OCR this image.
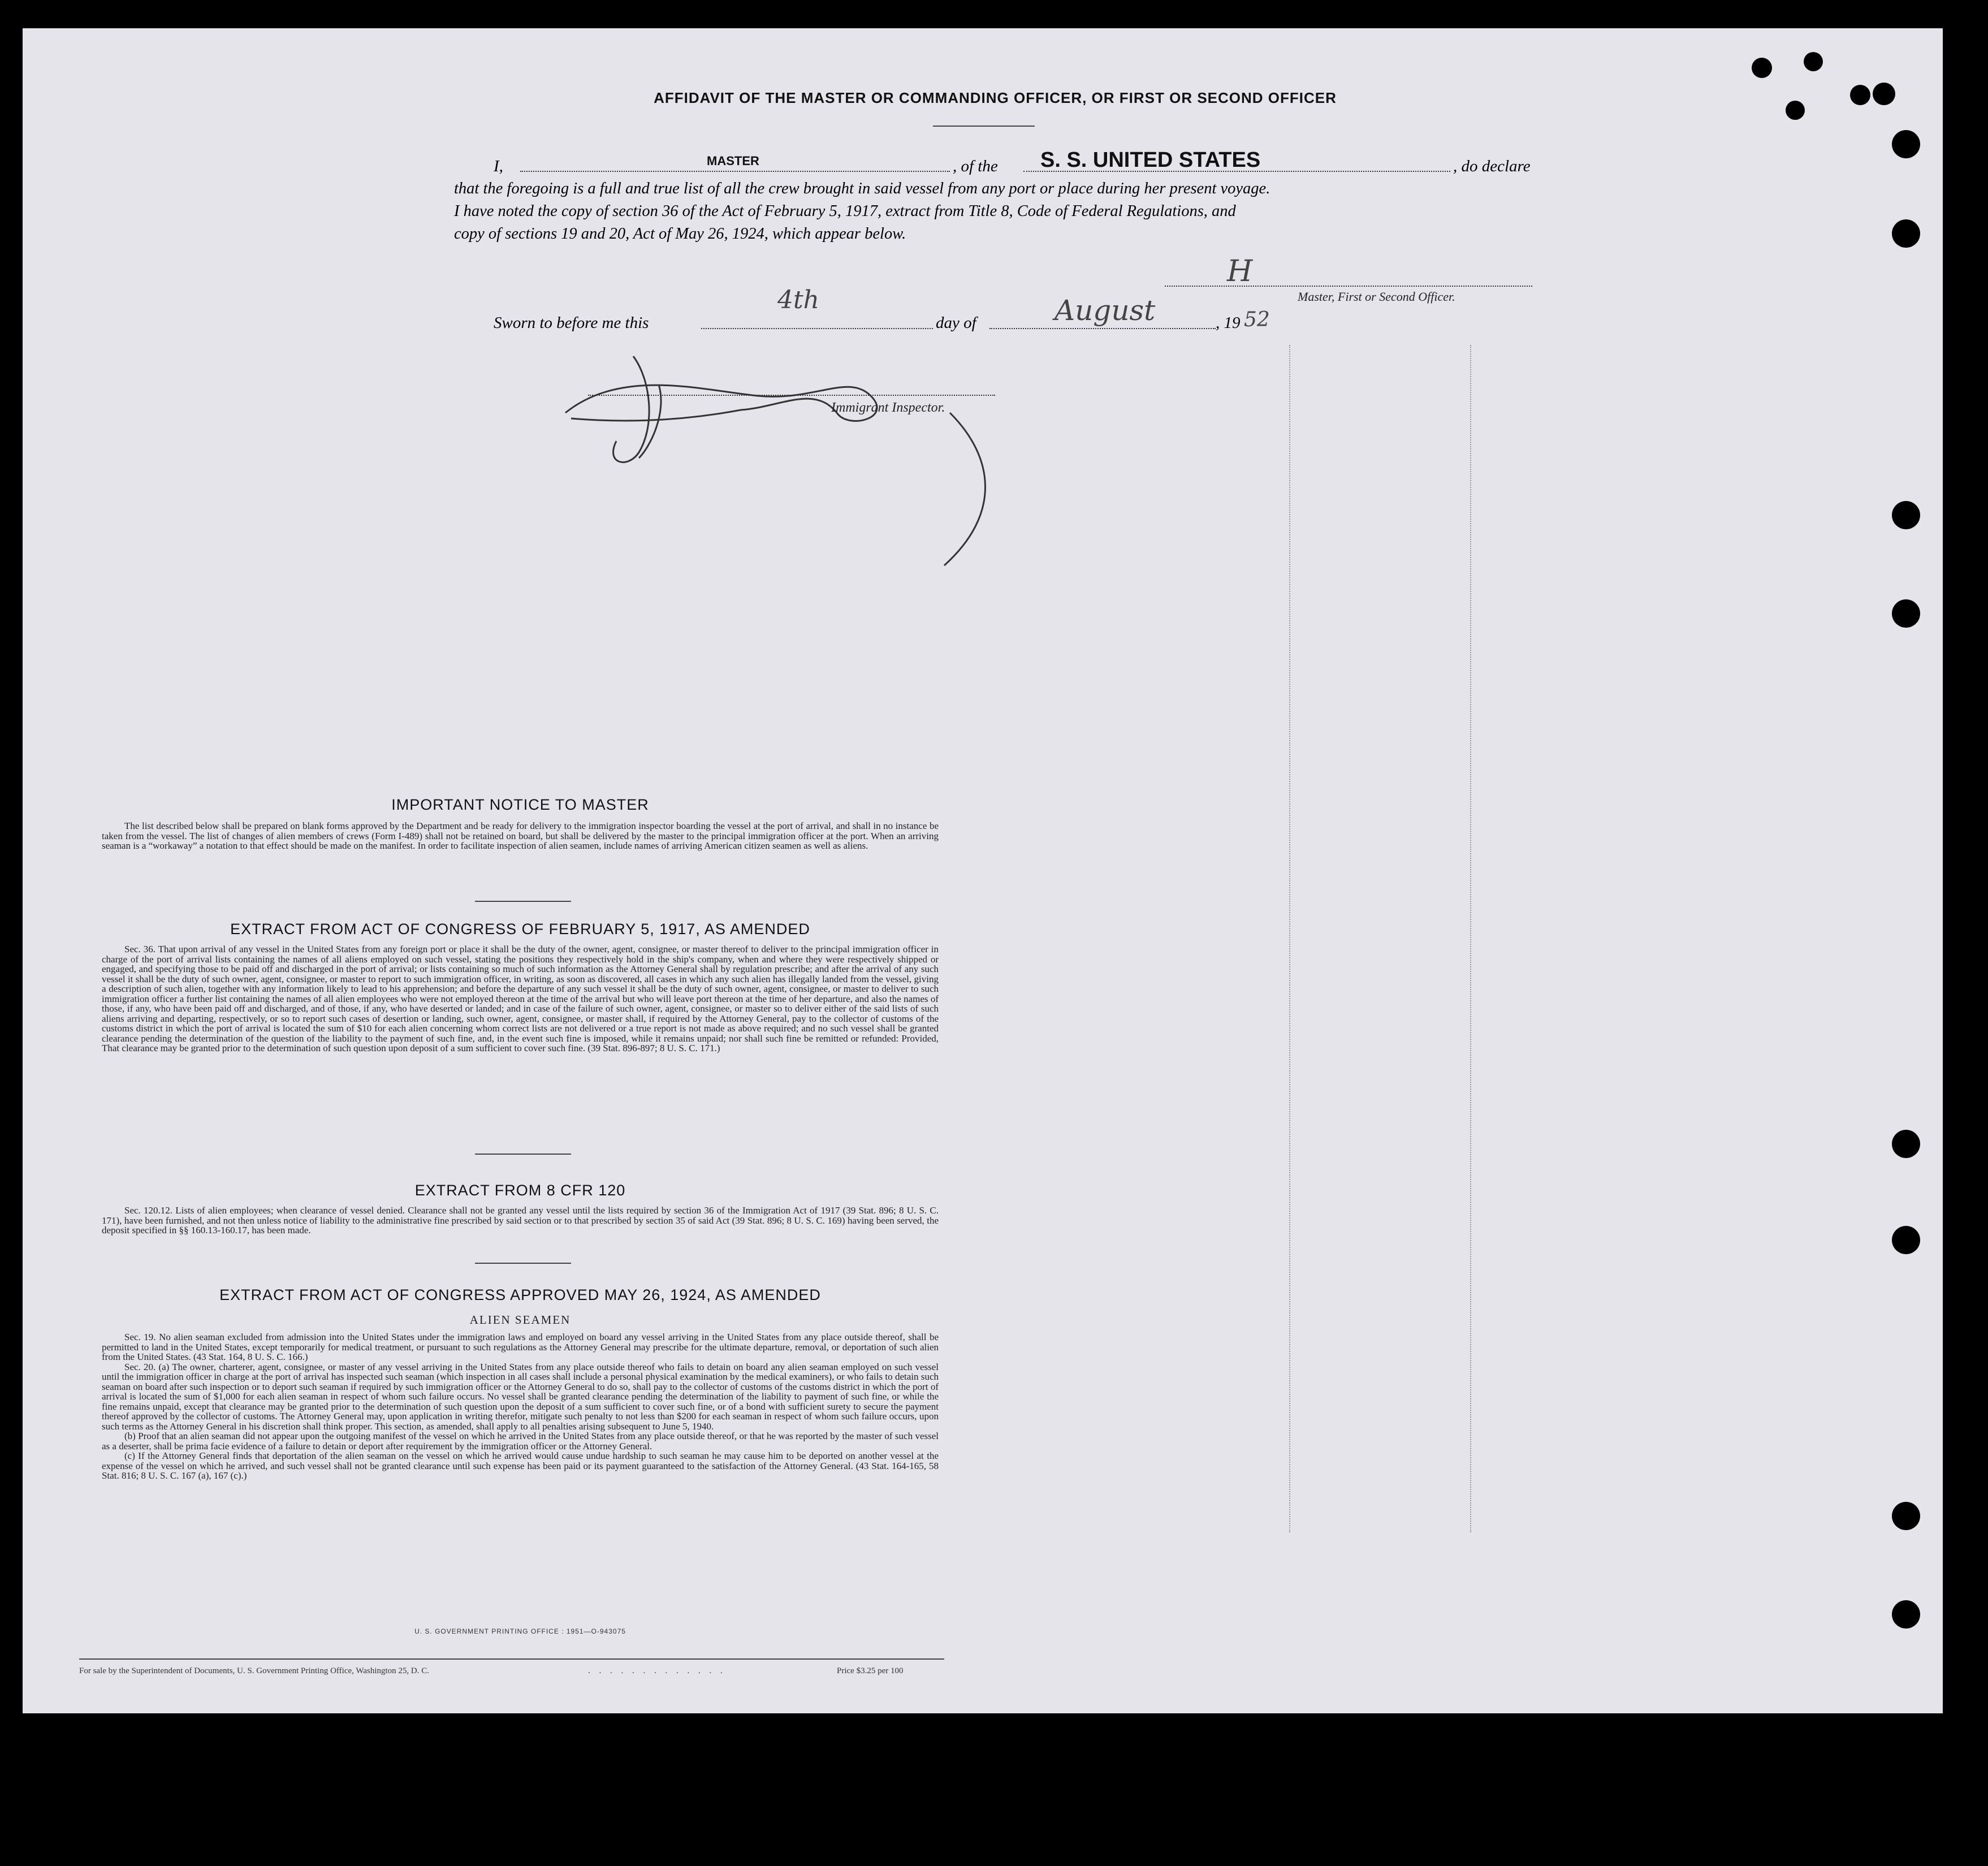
AFFIDAVIT OF THE MASTER OR COMMANDING OFFICER, OR FIRST OR SECOND OFFICER
I,	MASTER	, of the S. S. UNITED STATES	, do declare
that the foregoing is a full and true list of all the crew brought in said vessel from any port or place during her present voyage.
I have noted the copy of section 36 of the Act of February 5, 1917, extract from Title 8, Code of Federal Regulations, and
copy of sections 19 and 20, Act of May 26, 1924, which appear below.
H
Master, First or Second Officer.
Sworn to before me this
4th
day of	August	, 19 52
Immigrant Inspector.
IMPORTANT NOTICE TO MASTER

The list described below shall be prepared on blank forms approved by the Department and be ready for delivery to the immigration inspector boarding the vessel at the port of arrival, and shall in no instance be taken from the vessel. The list of changes of alien members of crews (Form I-489) shall not be retained on board, but shall be delivered by the master to the principal immigration officer at the port. When an arriving seaman is a “workaway” a notation to that effect should be made on the manifest. In order to facilitate inspection of alien seamen, include names of arriving American citizen seamen as well as aliens.

EXTRACT FROM ACT OF CONGRESS OF FEBRUARY 5, 1917, AS AMENDED

Sec. 36. That upon arrival of any vessel in the United States from any foreign port or place it shall be the duty of the owner, agent, consignee, or master thereof to deliver to the principal immigration officer in charge of the port of arrival lists containing the names of all aliens employed on such vessel, stating the positions they respectively hold in the ship's company, when and where they were respectively shipped or engaged, and specifying those to be paid off and discharged in the port of arrival; or lists containing so much of such information as the Attorney General shall by regulation prescribe; and after the arrival of any such vessel it shall be the duty of such owner, agent, consignee, or master to report to such immigration officer, in writing, as soon as discovered, all cases in which any such alien has illegally landed from the vessel, giving a description of such alien, together with any information likely to lead to his apprehension; and before the departure of any such vessel it shall be the duty of such owner, agent, consignee, or master to deliver to such immigration officer a further list containing the names of all alien employees who were not employed thereon at the time of the arrival but who will leave port thereon at the time of her departure, and also the names of those, if any, who have been paid off and discharged, and of those, if any, who have deserted or landed; and in case of the failure of such owner, agent, consignee, or master so to deliver either of the said lists of such aliens arriving and departing, respectively, or so to report such cases of desertion or landing, such owner, agent, consignee, or master shall, if required by the Attorney General, pay to the collector of customs of the customs district in which the port of arrival is located the sum of $10 for each alien concerning whom correct lists are not delivered or a true report is not made as above required; and no such vessel shall be granted clearance pending the determination of the question of the liability to the payment of such fine, and, in the event such fine is imposed, while it remains unpaid; nor shall such fine be remitted or refunded: Provided, That clearance may be granted prior to the determination of such question upon deposit of a sum sufficient to cover such fine. (39 Stat. 896-897; 8 U. S. C. 171.)

EXTRACT FROM 8 CFR 120

Sec. 120.12. Lists of alien employees; when clearance of vessel denied. Clearance shall not be granted any vessel until the lists required by section 36 of the Immigration Act of 1917 (39 Stat. 896; 8 U. S. C. 171), have been furnished, and not then unless notice of liability to the administrative fine prescribed by said section or to that prescribed by section 35 of said Act (39 Stat. 896; 8 U. S. C. 169) having been served, the deposit specified in §§ 160.13-160.17, has been made.

EXTRACT FROM ACT OF CONGRESS APPROVED MAY 26, 1924, AS AMENDED
ALIEN SEAMEN

Sec. 19. No alien seaman excluded from admission into the United States under the immigration laws and employed on board any vessel arriving in the United States from any place outside thereof, shall be permitted to land in the United States, except temporarily for medical treatment, or pursuant to such regulations as the Attorney General may prescribe for the ultimate departure, removal, or deportation of such alien from the United States. (43 Stat. 164, 8 U. S. C. 166.)

Sec. 20. (a) The owner, charterer, agent, consignee, or master of any vessel arriving in the United States from any place outside thereof who fails to detain on board any alien seaman employed on such vessel until the immigration officer in charge at the port of arrival has inspected such seaman (which inspection in all cases shall include a personal physical examination by the medical examiners), or who fails to detain such seaman on board after such inspection or to deport such seaman if required by such immigration officer or the Attorney General to do so, shall pay to the collector of customs of the customs district in which the port of arrival is located the sum of $1,000 for each alien seaman in respect of whom such failure occurs. No vessel shall be granted clearance pending the determination of the liability to payment of such fine, or while the fine remains unpaid, except that clearance may be granted prior to the determination of such question upon the deposit of a sum sufficient to cover such fine, or of a bond with sufficient surety to secure the payment thereof approved by the collector of customs. The Attorney General may, upon application in writing therefor, mitigate such penalty to not less than $200 for each seaman in respect of whom such failure occurs, upon such terms as the Attorney General in his discretion shall think proper. This section, as amended, shall apply to all penalties arising subsequent to June 5, 1940.

(b) Proof that an alien seaman did not appear upon the outgoing manifest of the vessel on which he arrived in the United States from any place outside thereof, or that he was reported by the master of such vessel as a deserter, shall be prima facie evidence of a failure to detain or deport after requirement by the immigration officer or the Attorney General.

(c) If the Attorney General finds that deportation of the alien seaman on the vessel on which he arrived would cause undue hardship to such seaman he may cause him to be deported on another vessel at the expense of the vessel on which he arrived, and such vessel shall not be granted clearance until such expense has been paid or its payment guaranteed to the satisfaction of the Attorney General. (43 Stat. 164-165, 58 Stat. 816; 8 U. S. C. 167 (a), 167 (c).)

U. S. GOVERNMENT PRINTING OFFICE : 1951—O-943075
For sale by the Superintendent of Documents, U. S. Government Printing Office, Washington 25, D. C.	. . . . . . . . . . . . .	Price $3.25 per 100
